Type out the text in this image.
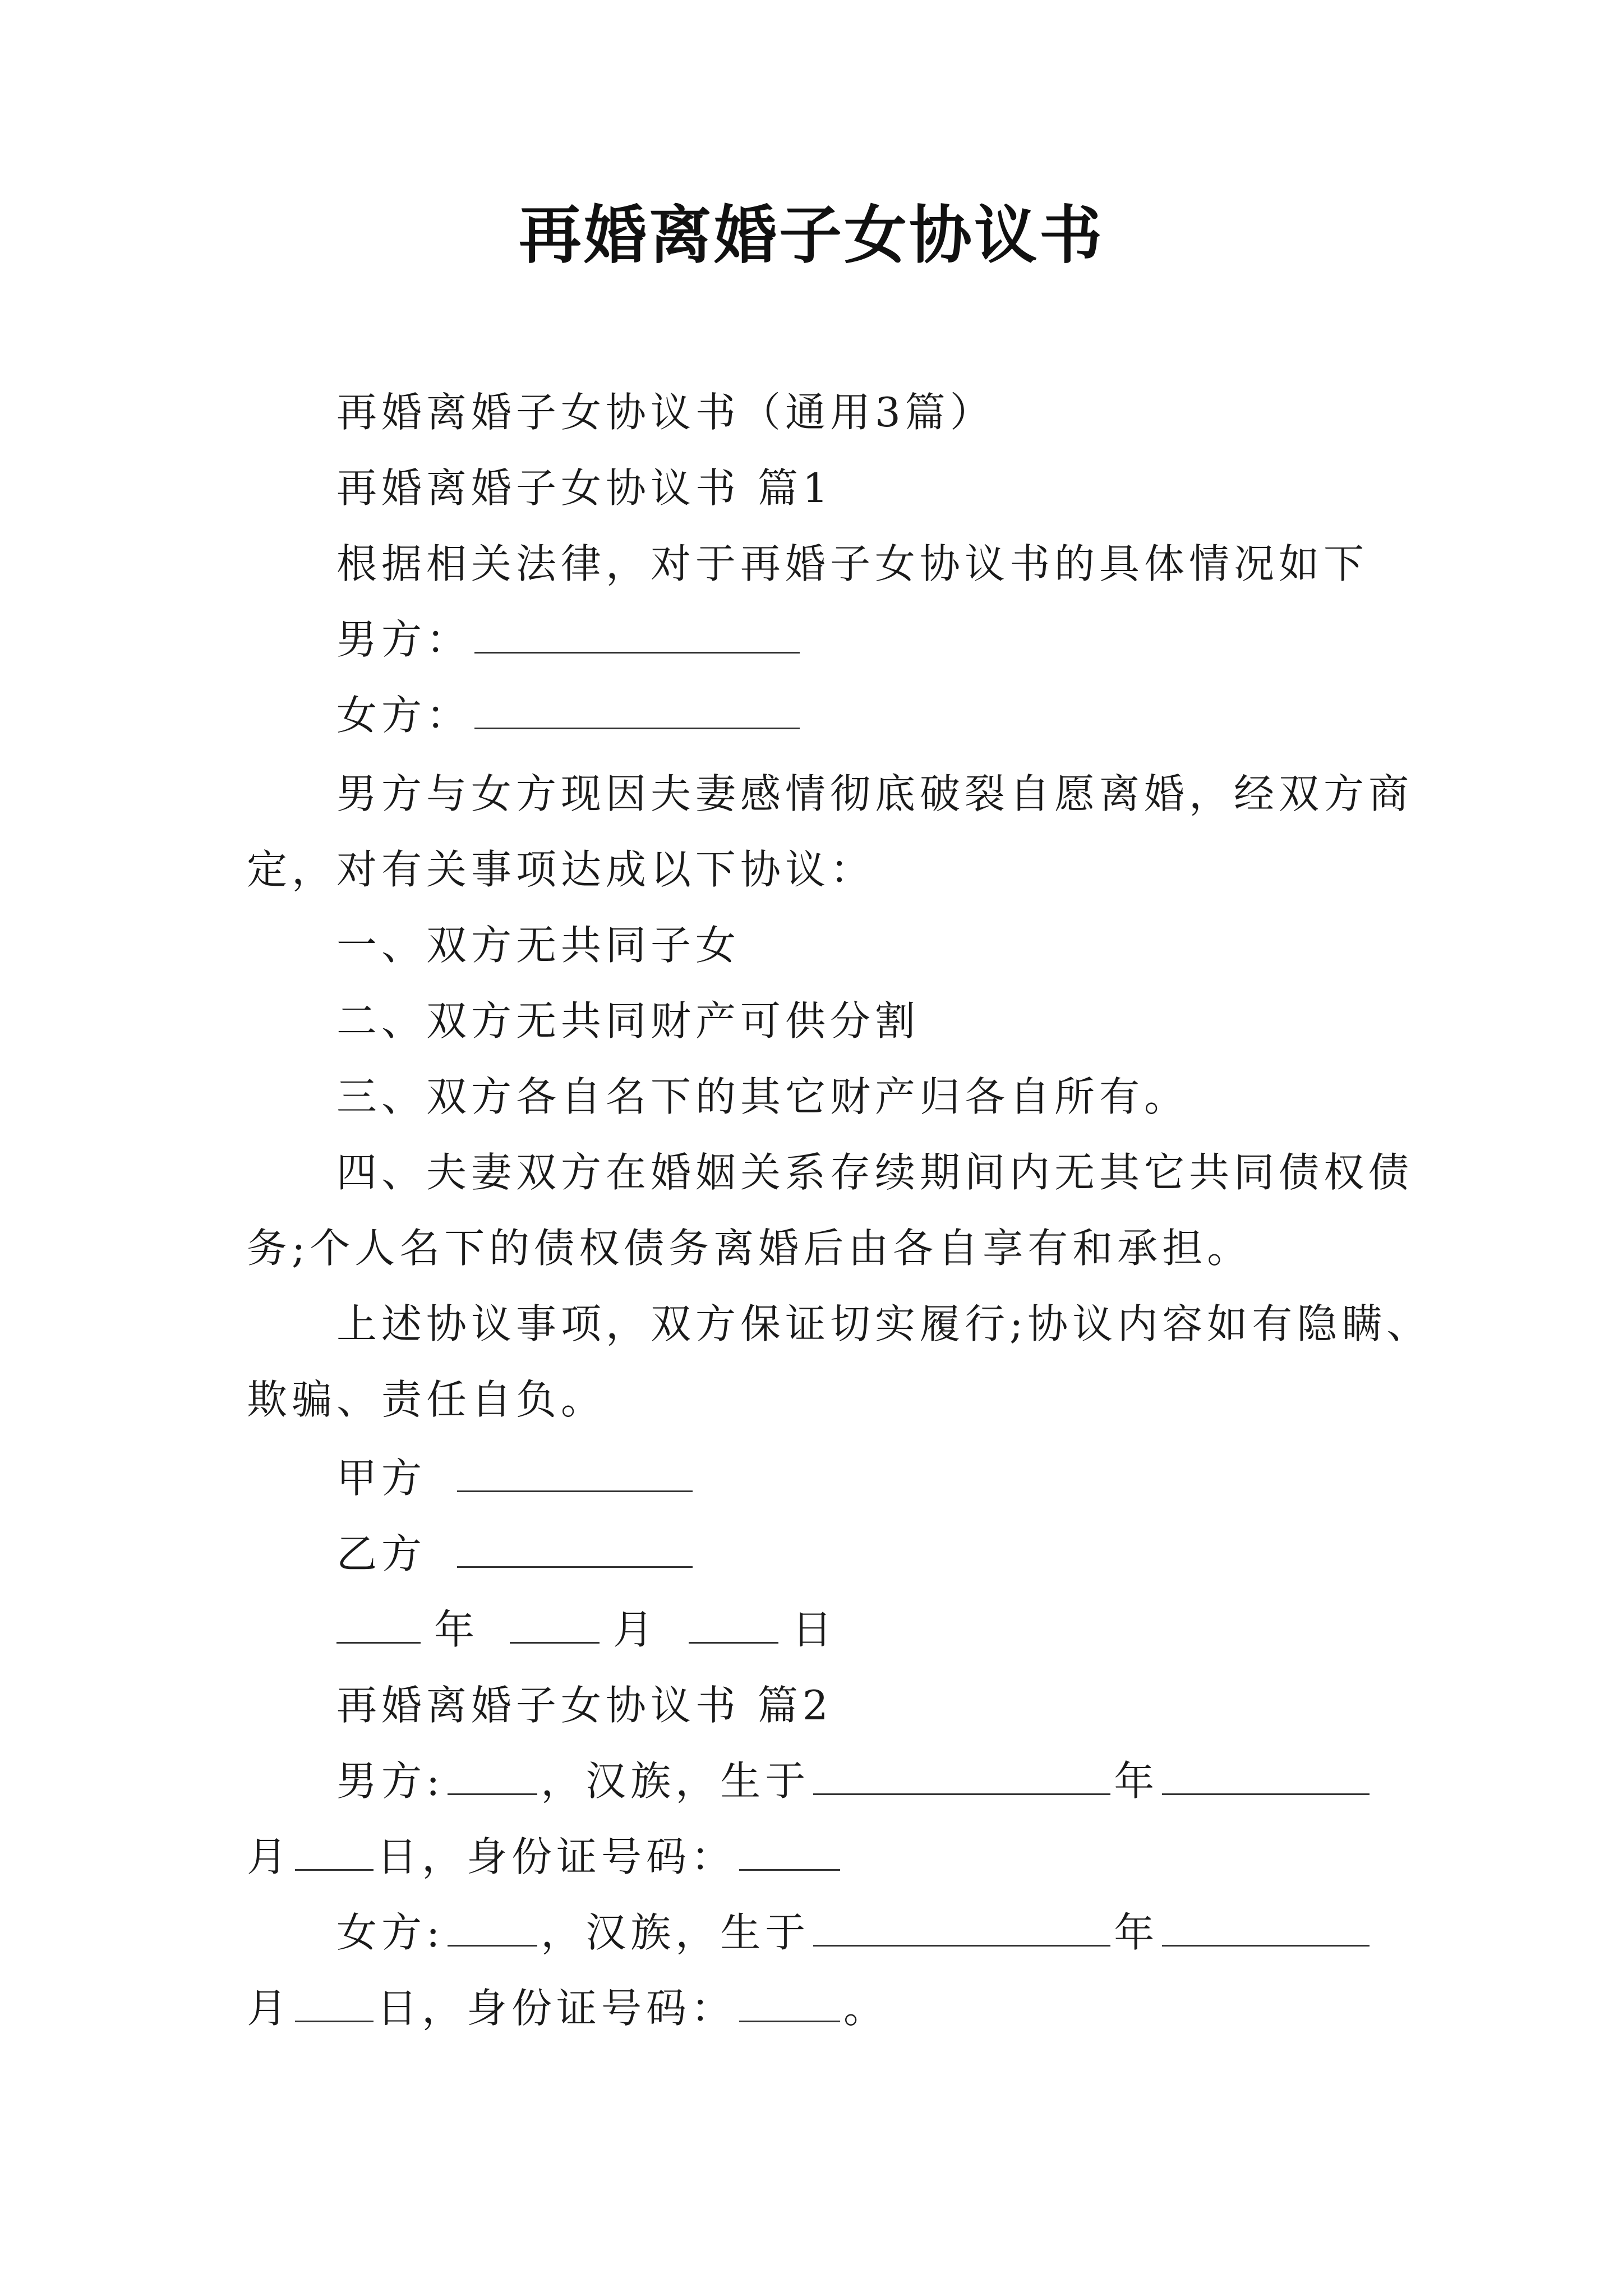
再婚离婚子女协议书
再婚离婚子女协议书（通用3篇）
再婚离婚子女协议书 篇1
根据相关法律，对于再婚子女协议书的具体情况如下
男方：
女方：
男方与女方现因夫妻感情彻底破裂自愿离婚，经双方商
定，对有关事项达成以下协议：
一、双方无共同子女
二、双方无共同财产可供分割
三、双方各自名下的其它财产归各自所有。
四、夫妻双方在婚姻关系存续期间内无其它共同债权债
务;个人名下的债权债务离婚后由各自享有和承担。
上述协议事项，双方保证切实履行;协议内容如有隐瞒、
欺骗、责任自负。
甲方
乙方
年	月	日
再婚离婚子女协议书 篇2
男方: ，汉族，生于	年
月 日，身份证号码：
女方: ，汉族，生于	年
月 日，身份证号码：	。
